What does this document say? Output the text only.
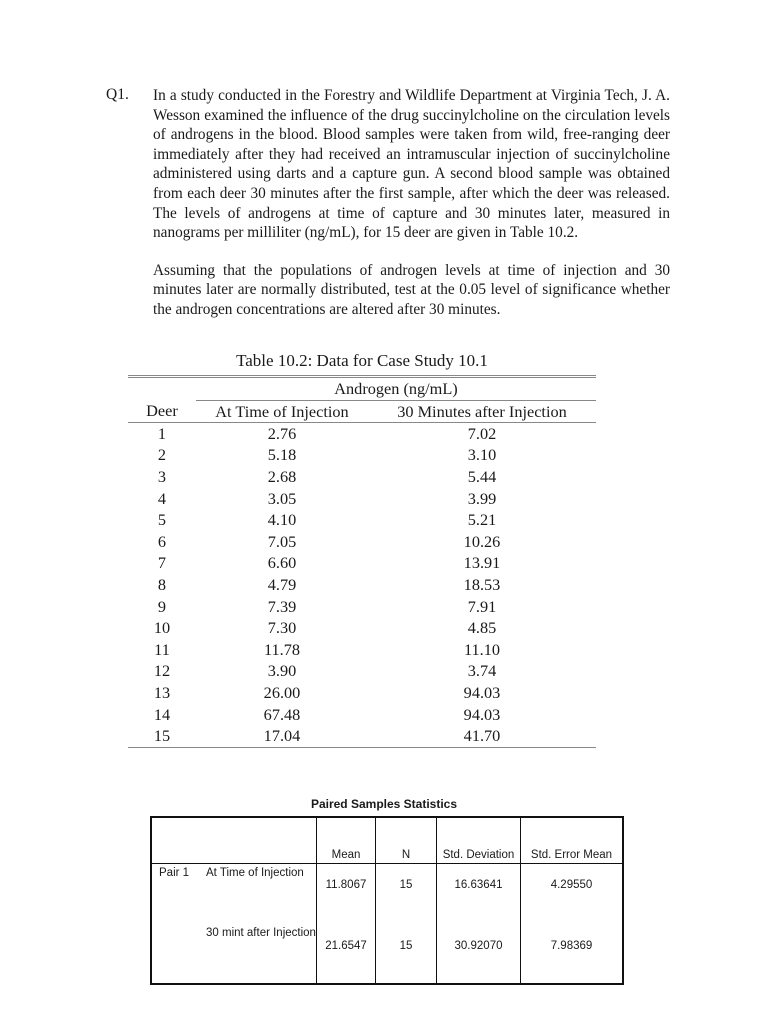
Q1. In a study conducted in the Forestry and Wildlife Department at Virginia Tech, J. A. Wesson examined the influence of the drug succinylcholine on the circulation levels of androgens in the blood. Blood samples were taken from wild, free-ranging deer immediately after they had received an intramuscular injection of succinylcholine administered using darts and a capture gun. A second blood sample was obtained from each deer 30 minutes after the first sample, after which the deer was released. The levels of androgens at time of capture and 30 minutes later, measured in nanograms per milliliter (ng/mL), for 15 deer are given in Table 10.2.

Assuming that the populations of androgen levels at time of injection and 30 minutes later are normally distributed, test at the 0.05 level of significance whether the androgen concentrations are altered after 30 minutes.

Table 10.2: Data for Case Study 10.1
	Androgen (ng/mL)	
Deer	At Time of Injection	30 Minutes after Injection
1	2.76	7.02
2	5.18	3.10
3	2.68	5.44
4	3.05	3.99
5	4.10	5.21
6	7.05	10.26
7	6.60	13.91
8	4.79	18.53
9	7.39	7.91
10	7.30	4.85
11	11.78	11.10
12	3.90	3.74
13	26.00	94.03
14	67.48	94.03
15	17.04	41.70
Paired Samples Statistics
		Mean	N	Std. Deviation	Std. Error Mean
Pair 1	At Time of Injection	11.8067	15	16.63641	4.29550
	30 mint after Injection	21.6547	15	30.92070	7.98369
